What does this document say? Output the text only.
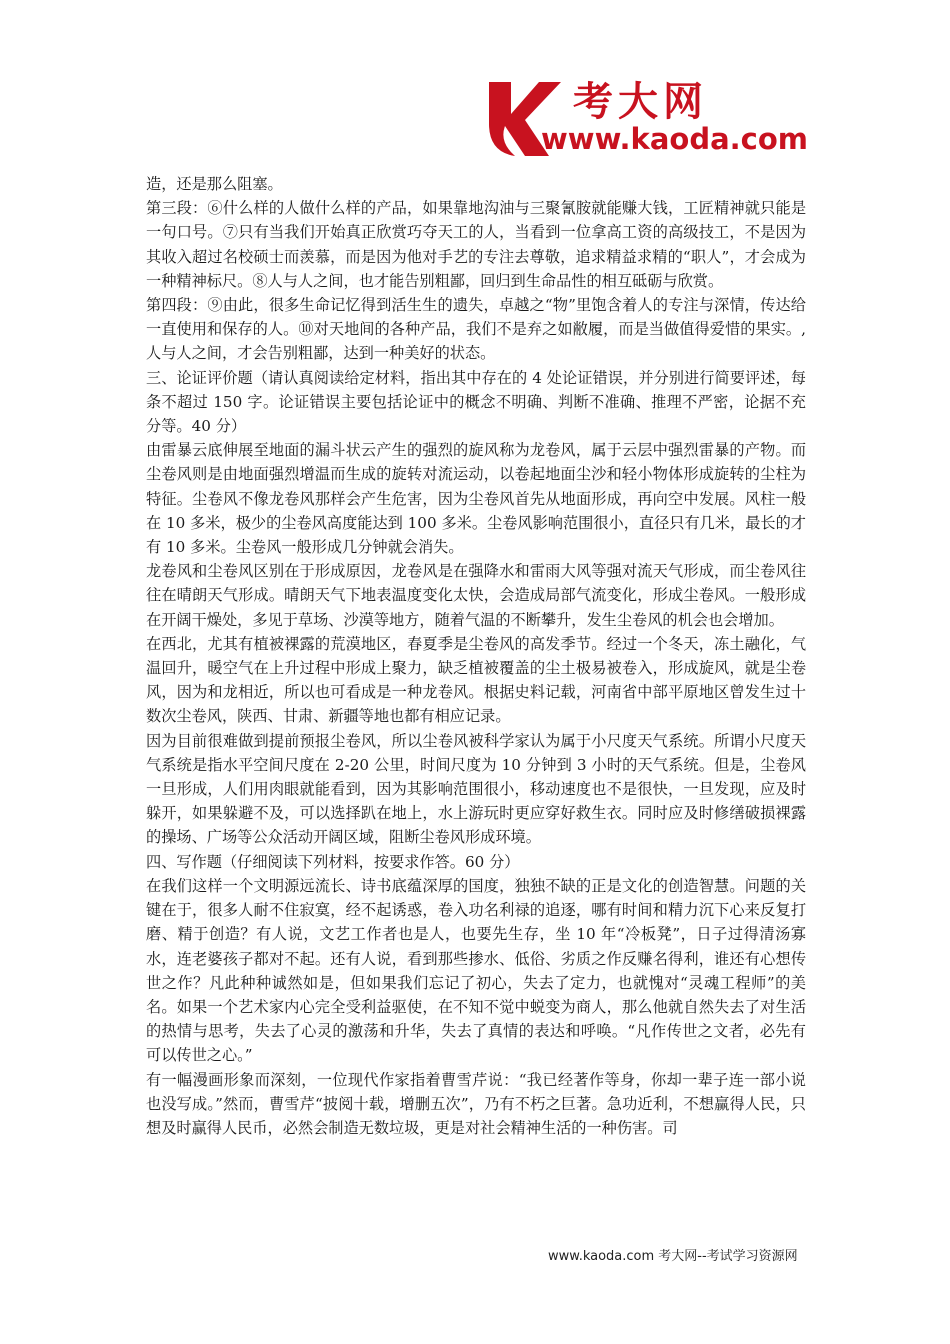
考大网
www.kaoda.com

造，还是那么阻塞。

第三段：⑥什么样的人做什么样的产品，如果靠地沟油与三聚氰胺就能赚大钱，工匠精神就只能是一句口号。⑦只有当我们开始真正欣赏巧夺天工的人，当看到一位拿高工资的高级技工，不是因为其收入超过名校硕士而羡慕，而是因为他对手艺的专注去尊敬，追求精益求精的“职人”，才会成为一种精神标尺。⑧人与人之间，也才能告别粗鄙，回归到生命品性的相互砥砺与欣赏。

第四段：⑨由此，很多生命记忆得到活生生的遗失，卓越之“物”里饱含着人的专注与深情，传达给一直使用和保存的人。⑩对天地间的各种产品，我们不是弃之如敝履，而是当做值得爱惜的果实。, 人与人之间，才会告别粗鄙，达到一种美好的状态。

三、论证评价题（请认真阅读给定材料，指出其中存在的 4 处论证错误，并分别进行简要评述，每条不超过 150 字。论证错误主要包括论证中的概念不明确、判断不准确、推理不严密，论据不充分等。40 分）

由雷暴云底伸展至地面的漏斗状云产生的强烈的旋风称为龙卷风，属于云层中强烈雷暴的产物。而尘卷风则是由地面强烈增温而生成的旋转对流运动，以卷起地面尘沙和轻小物体形成旋转的尘柱为特征。尘卷风不像龙卷风那样会产生危害，因为尘卷风首先从地面形成，再向空中发展。风柱一般在 10 多米，极少的尘卷风高度能达到 100 多米。尘卷风影响范围很小，直径只有几米，最长的才有 10 多米。尘卷风一般形成几分钟就会消失。

龙卷风和尘卷风区别在于形成原因，龙卷风是在强降水和雷雨大风等强对流天气形成，而尘卷风往往在晴朗天气形成。晴朗天气下地表温度变化太快，会造成局部气流变化，形成尘卷风。一般形成在开阔干燥处，多见于草场、沙漠等地方，随着气温的不断攀升，发生尘卷风的机会也会增加。

在西北，尤其有植被裸露的荒漠地区，春夏季是尘卷风的高发季节。经过一个冬天，冻土融化，气温回升，暖空气在上升过程中形成上聚力，缺乏植被覆盖的尘土极易被卷入，形成旋风，就是尘卷风，因为和龙相近，所以也可看成是一种龙卷风。根据史料记载，河南省中部平原地区曾发生过十数次尘卷风，陕西、甘肃、新疆等地也都有相应记录。

因为目前很难做到提前预报尘卷风，所以尘卷风被科学家认为属于小尺度天气系统。所谓小尺度天气系统是指水平空间尺度在 2-20 公里，时间尺度为 10 分钟到 3 小时的天气系统。但是，尘卷风一旦形成，人们用肉眼就能看到，因为其影响范围很小，移动速度也不是很快，一旦发现，应及时躲开，如果躲避不及，可以选择趴在地上，水上游玩时更应穿好救生衣。同时应及时修缮破损裸露的操场、广场等公众活动开阔区域，阻断尘卷风形成环境。

四、写作题（仔细阅读下列材料，按要求作答。60 分）

在我们这样一个文明源远流长、诗书底蕴深厚的国度，独独不缺的正是文化的创造智慧。问题的关键在于，很多人耐不住寂寞，经不起诱惑，卷入功名利禄的追逐，哪有时间和精力沉下心来反复打磨、精于创造？有人说，文艺工作者也是人，也要先生存，坐 10 年“冷板凳”，日子过得清汤寡水，连老婆孩子都对不起。还有人说，看到那些掺水、低俗、劣质之作反赚名得利，谁还有心想传世之作？凡此种种诚然如是，但如果我们忘记了初心，失去了定力，也就愧对“灵魂工程师”的美名。如果一个艺术家内心完全受利益驱使，在不知不觉中蜕变为商人，那么他就自然失去了对生活的热情与思考，失去了心灵的激荡和升华，失去了真情的表达和呼唤。“凡作传世之文者，必先有可以传世之心。”

有一幅漫画形象而深刻，一位现代作家指着曹雪芹说：“我已经著作等身，你却一辈子连一部小说也没写成。”然而，曹雪芹“披阅十载，增删五次”，乃有不朽之巨著。急功近利，不想赢得人民，只想及时赢得人民币，必然会制造无数垃圾，更是对社会精神生活的一种伤害。司

www.kaoda.com 考大网--考试学习资源网
